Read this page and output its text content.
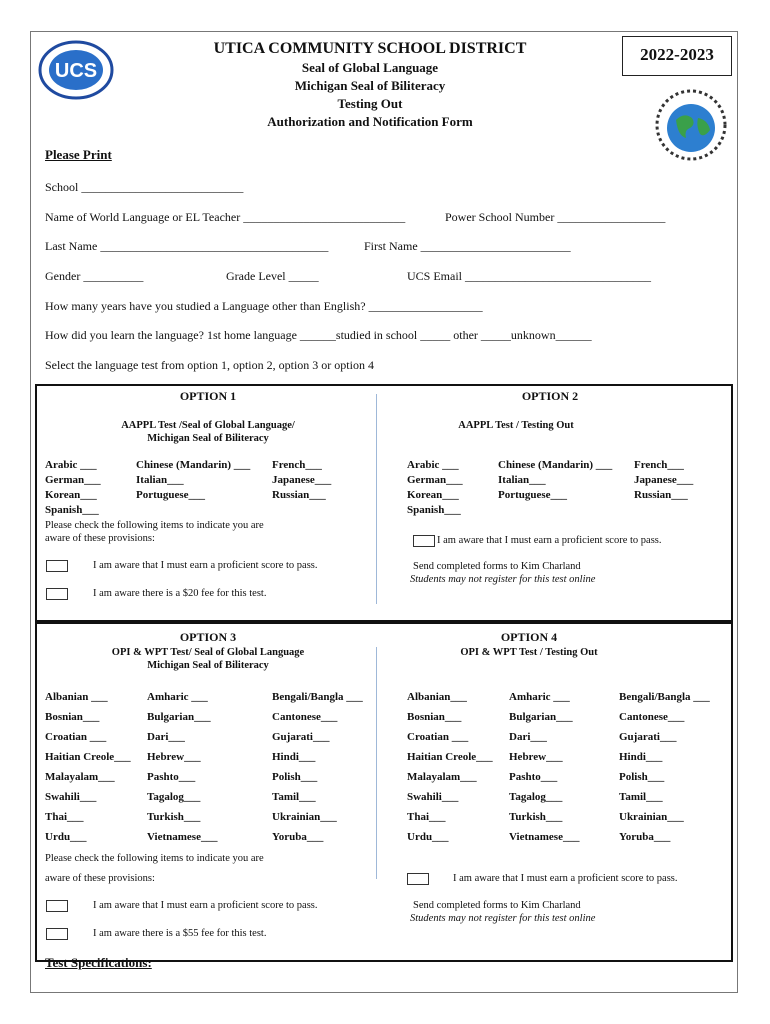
UCS
UTICA COMMUNITY SCHOOL DISTRICT	2022-2023
Seal of Global Language
Michigan Seal of Biliteracy
Testing Out
Authorization and Notification Form
Please Print
School ___________________________
Name of World Language or EL Teacher ___________________________	Power School Number __________________
Last Name ______________________________________	First Name _________________________
Gender __________	Grade Level _____	UCS Email _______________________________
How many years have you studied a Language other than English? ___________________
How did you learn the language? 1st home language ______studied in school _____ other _____unknown______
Select the language test from option 1, option 2, option 3 or option 4
OPTION 1
AAPPL Test /Seal of Global Language/
Michigan Seal of Biliteracy
Arabic ___	Chinese (Mandarin) ___ French___
German___	Italian___	Japanese___
Korean___	Portuguese___	Russian___
Spanish___
Please check the following items to indicate you are
aware of these provisions:
I am aware that I must earn a proficient score to pass.
I am aware there is a $20 fee for this test.
OPTION 2
AAPPL Test / Testing Out
Arabic ___	Chinese (Mandarin) ___ French___
German___	Italian___	Japanese___
Korean___	Portuguese___	Russian___
Spanish___
I am aware that I must earn a proficient score to pass.
Send completed forms to Kim Charland
Students may not register for this test online
OPTION 3
OPI & WPT Test/ Seal of Global Language
Michigan Seal of Biliteracy
OPTION 4
OPI & WPT Test / Testing Out
Albanian ___	Amharic ___	Bengali/Bangla ___
Bosnian___	Bulgarian___	Cantonese___
Croatian ___	Dari___	Gujarati___
Haitian Creole___ Hebrew___	Hindi___
Malayalam___	Pashto___	Polish___
Swahili___	Tagalog___	Tamil___
Thai___	Turkish___	Ukrainian___
Urdu___	Vietnamese___	Yoruba___
Albanian___	Amharic ___	Bengali/Bangla ___
Bosnian___	Bulgarian___	Cantonese___
Croatian ___	Dari___	Gujarati___
Haitian Creole___ Hebrew___	Hindi___
Malayalam___	Pashto___	Polish___
Swahili___	Tagalog___	Tamil___
Thai___	Turkish___	Ukrainian___
Urdu___	Vietnamese___	Yoruba___
Please check the following items to indicate you are
aware of these provisions:
I am aware that I must earn a proficient score to pass.
I am aware there is a $55 fee for this test.
I am aware that I must earn a proficient score to pass.
Send completed forms to Kim Charland
Students may not register for this test online
Test Specifications:
